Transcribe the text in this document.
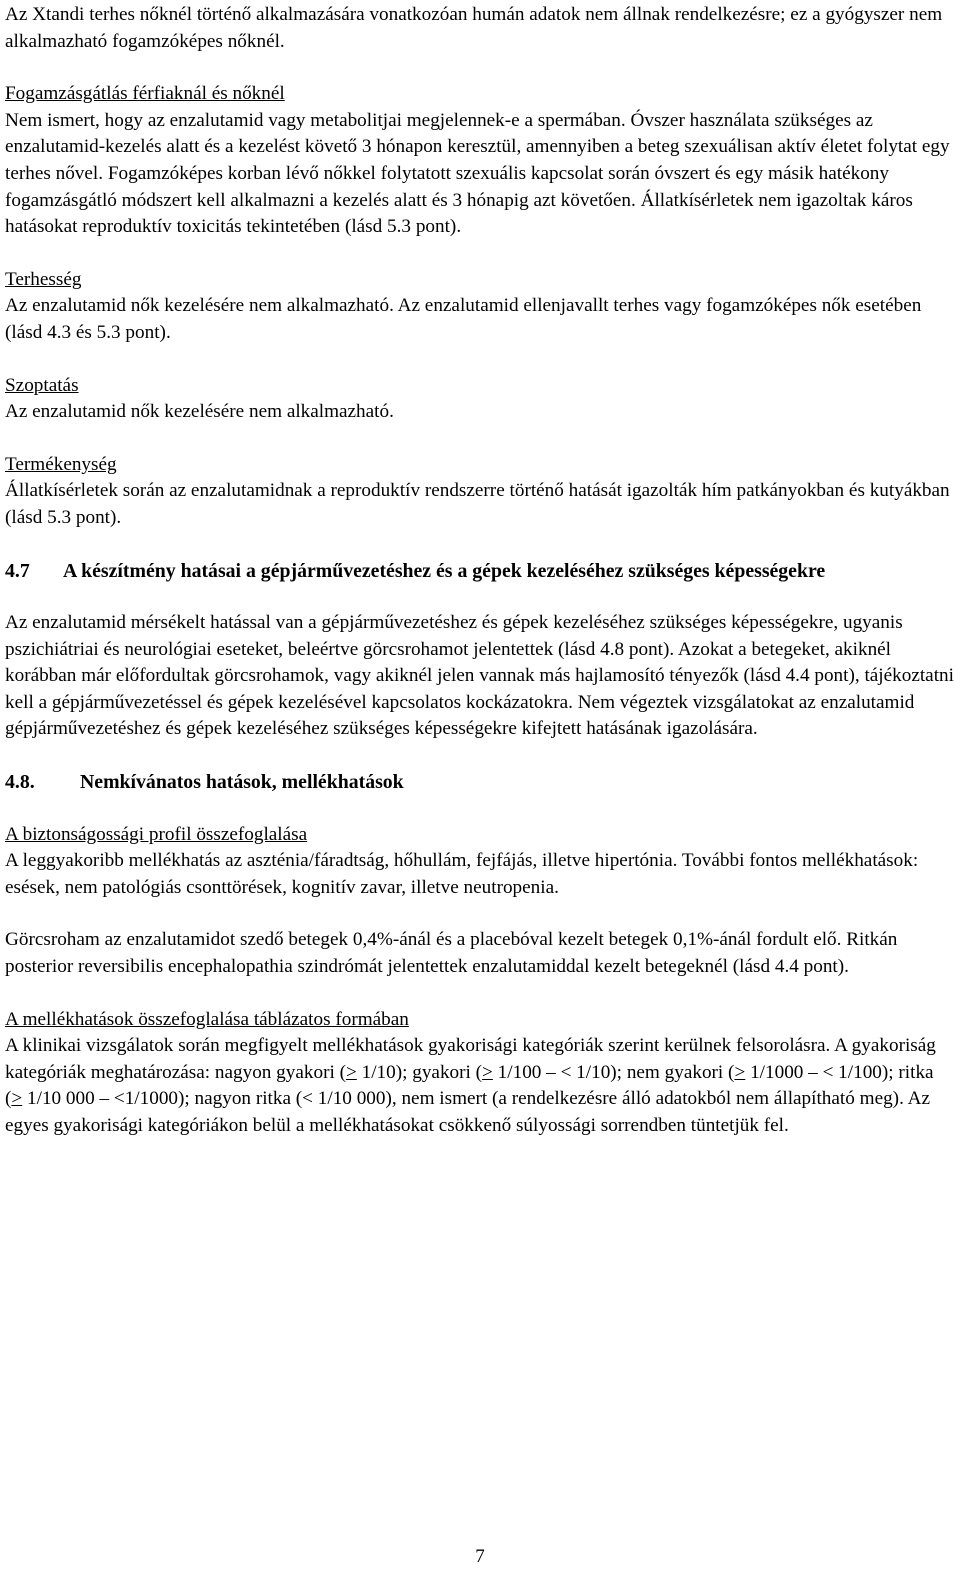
Az Xtandi terhes nőknél történő alkalmazására vonatkozóan humán adatok nem állnak rendelkezésre; ez a gyógyszer nem alkalmazható fogamzóképes nőknél.

Fogamzásgátlás férfiaknál és nőknél

Nem ismert, hogy az enzalutamid vagy metabolitjai megjelennek-e a spermában. Óvszer használata szükséges az enzalutamid-kezelés alatt és a kezelést követő 3 hónapon keresztül, amennyiben a beteg szexuálisan aktív életet folytat egy terhes nővel. Fogamzóképes korban lévő nőkkel folytatott szexuális kapcsolat során óvszert és egy másik hatékony fogamzásgátló módszert kell alkalmazni a kezelés alatt és 3 hónapig azt követően. Állatkísérletek nem igazoltak káros hatásokat reproduktív toxicitás tekintetében (lásd 5.3 pont).

Terhesség

Az enzalutamid nők kezelésére nem alkalmazható. Az enzalutamid ellenjavallt terhes vagy fogamzóképes nők esetében (lásd 4.3 és 5.3 pont).

Szoptatás

Az enzalutamid nők kezelésére nem alkalmazható.

Termékenység

Állatkísérletek során az enzalutamidnak a reproduktív rendszerre történő hatását igazolták hím patkányokban és kutyákban (lásd 5.3 pont).

4.7 A készítmény hatásai a gépjárművezetéshez és a gépek kezeléséhez szükséges képességekre

Az enzalutamid mérsékelt hatással van a gépjárművezetéshez és gépek kezeléséhez szükséges képességekre, ugyanis pszichiátriai és neurológiai eseteket, beleértve görcsrohamot jelentettek (lásd 4.8 pont). Azokat a betegeket, akiknél korábban már előfordultak görcsrohamok, vagy akiknél jelen vannak más hajlamosító tényezők (lásd 4.4 pont), tájékoztatni kell a gépjárművezetéssel és gépek kezelésével kapcsolatos kockázatokra. Nem végeztek vizsgálatokat az enzalutamid gépjárművezetéshez és gépek kezeléséhez szükséges képességekre kifejtett hatásának igazolására.

4.8. Nemkívánatos hatások, mellékhatások

A biztonságossági profil összefoglalása

A leggyakoribb mellékhatás az aszténia/fáradtság, hőhullám, fejfájás, illetve hipertónia. További fontos mellékhatások: esések, nem patológiás csonttörések, kognitív zavar, illetve neutropenia.

Görcsroham az enzalutamidot szedő betegek 0,4%-ánál és a placebóval kezelt betegek 0,1%-ánál fordult elő. Ritkán posterior reversibilis encephalopathia szindrómát jelentettek enzalutamiddal kezelt betegeknél (lásd 4.4 pont).

A mellékhatások összefoglalása táblázatos formában

A klinikai vizsgálatok során megfigyelt mellékhatások gyakorisági kategóriák szerint kerülnek felsorolásra. A gyakoriság kategóriák meghatározása: nagyon gyakori (≥ 1/10); gyakori (≥ 1/100 – < 1/10); nem gyakori (≥ 1/1000 – < 1/100); ritka (≥ 1/10 000 – <1/1000); nagyon ritka (< 1/10 000), nem ismert (a rendelkezésre álló adatokból nem állapítható meg). Az egyes gyakorisági kategóriákon belül a mellékhatásokat csökkenő súlyossági sorrendben tüntetjük fel.

7
